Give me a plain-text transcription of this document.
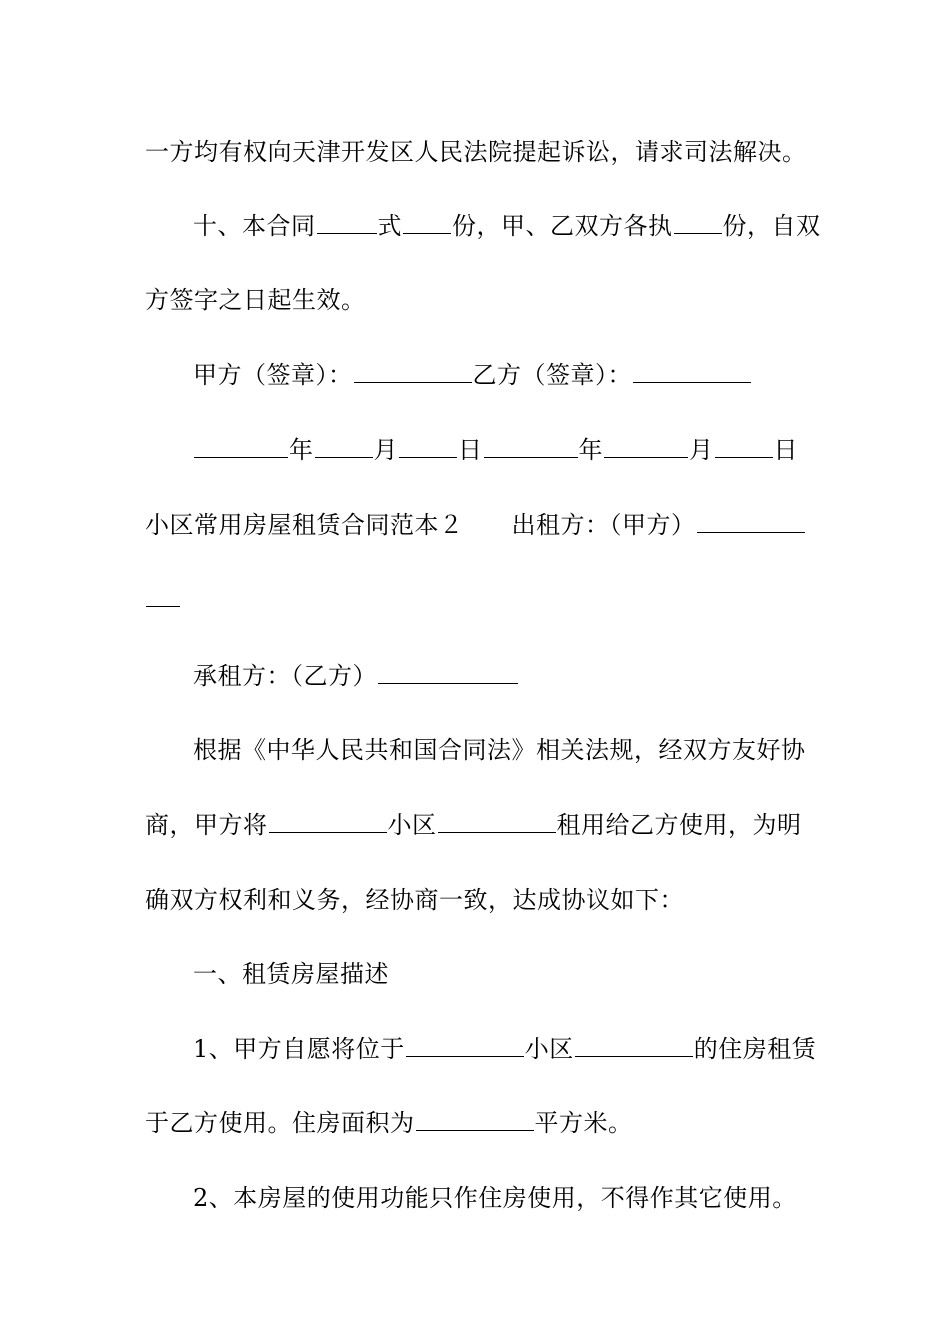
一方均有权向天津开发区人民法院提起诉讼，请求司法解决。
十、本合同	式 份，甲、乙双方各执 份，自双
方签字之日起生效。
甲方（签章）：	乙方（签章）：
年	月	日	年	月	日
小区常用房屋租赁合同范本２ 出租方：（甲方）
承租方：（乙方）
根据《中华人民共和国合同法》相关法规，经双方友好协
商，甲方将	小区	租用给乙方使用，为明
确双方权利和义务，经协商一致，达成协议如下：
一、租赁房屋描述
1、甲方自愿将位于	小区	的住房租赁
于乙方使用。住房面积为	平方米。
2、本房屋的使用功能只作住房使用，不得作其它使用。
